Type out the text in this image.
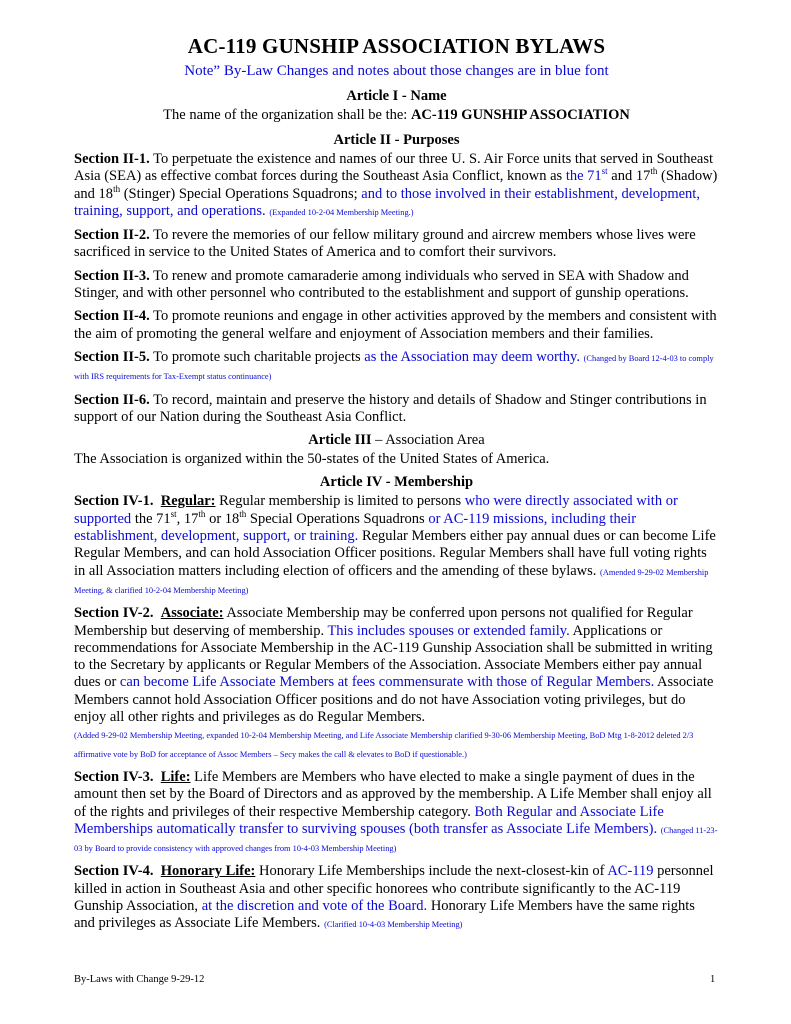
AC-119 GUNSHIP ASSOCIATION BYLAWS
Note” By-Law Changes and notes about those changes are in blue font
Article I - Name
The name of the organization shall be the: AC-119 GUNSHIP ASSOCIATION
Article II - Purposes

Section II-1. To perpetuate the existence and names of our three U. S. Air Force units that served in Southeast Asia (SEA) as effective combat forces during the Southeast Asia Conflict, known as the 71st and 17th (Shadow) and 18th (Stinger) Special Operations Squadrons; and to those involved in their establishment, development, training, support, and operations. (Expanded 10-2-04 Membership Meeting.)

Section II-2. To revere the memories of our fellow military ground and aircrew members whose lives were sacrificed in service to the United States of America and to comfort their survivors.

Section II-3. To renew and promote camaraderie among individuals who served in SEA with Shadow and Stinger, and with other personnel who contributed to the establishment and support of gunship operations.

Section II-4. To promote reunions and engage in other activities approved by the members and consistent with the aim of promoting the general welfare and enjoyment of Association members and their families.

Section II-5. To promote such charitable projects as the Association may deem worthy. (Changed by Board 12-4-03 to comply with IRS requirements for Tax-Exempt status continuance)

Section II-6. To record, maintain and preserve the history and details of Shadow and Stinger contributions in support of our Nation during the Southeast Asia Conflict.

Article III – Association Area

The Association is organized within the 50-states of the United States of America.

Article IV - Membership

Section IV-1. Regular: Regular membership is limited to persons who were directly associated with or supported the 71st, 17th or 18th Special Operations Squadrons or AC-119 missions, including their establishment, development, support, or training. Regular Members either pay annual dues or can become Life Regular Members, and can hold Association Officer positions. Regular Members shall have full voting rights in all Association matters including election of officers and the amending of these bylaws. (Amended 9-29-02 Membership Meeting, & clarified 10-2-04 Membership Meeting)

Section IV-2. Associate: Associate Membership may be conferred upon persons not qualified for Regular Membership but deserving of membership. This includes spouses or extended family. Applications or recommendations for Associate Membership in the AC-119 Gunship Association shall be submitted in writing to the Secretary by applicants or Regular Members of the Association. Associate Members either pay annual dues or can become Life Associate Members at fees commensurate with those of Regular Members. Associate Members cannot hold Association Officer positions and do not have Association voting privileges, but do enjoy all other rights and privileges as do Regular Members.
(Added 9-29-02 Membership Meeting, expanded 10-2-04 Membership Meeting, and Life Associate Membership clarified 9-30-06 Membership Meeting, BoD Mtg 1-8-2012 deleted 2/3 affirmative vote by BoD for acceptance of Assoc Members – Secy makes the call & elevates to BoD if questionable.)

Section IV-3. Life: Life Members are Members who have elected to make a single payment of dues in the amount then set by the Board of Directors and as approved by the membership. A Life Member shall enjoy all of the rights and privileges of their respective Membership category. Both Regular and Associate Life Memberships automatically transfer to surviving spouses (both transfer as Associate Life Members). (Changed 11-23-03 by Board to provide consistency with approved changes from 10-4-03 Membership Meeting)

Section IV-4. Honorary Life: Honorary Life Memberships include the next-closest-kin of AC-119 personnel killed in action in Southeast Asia and other specific honorees who contribute significantly to the AC-119 Gunship Association, at the discretion and vote of the Board. Honorary Life Members have the same rights and privileges as Associate Life Members. (Clarified 10-4-03 Membership Meeting)

By-Laws with Change 9-29-12	1
